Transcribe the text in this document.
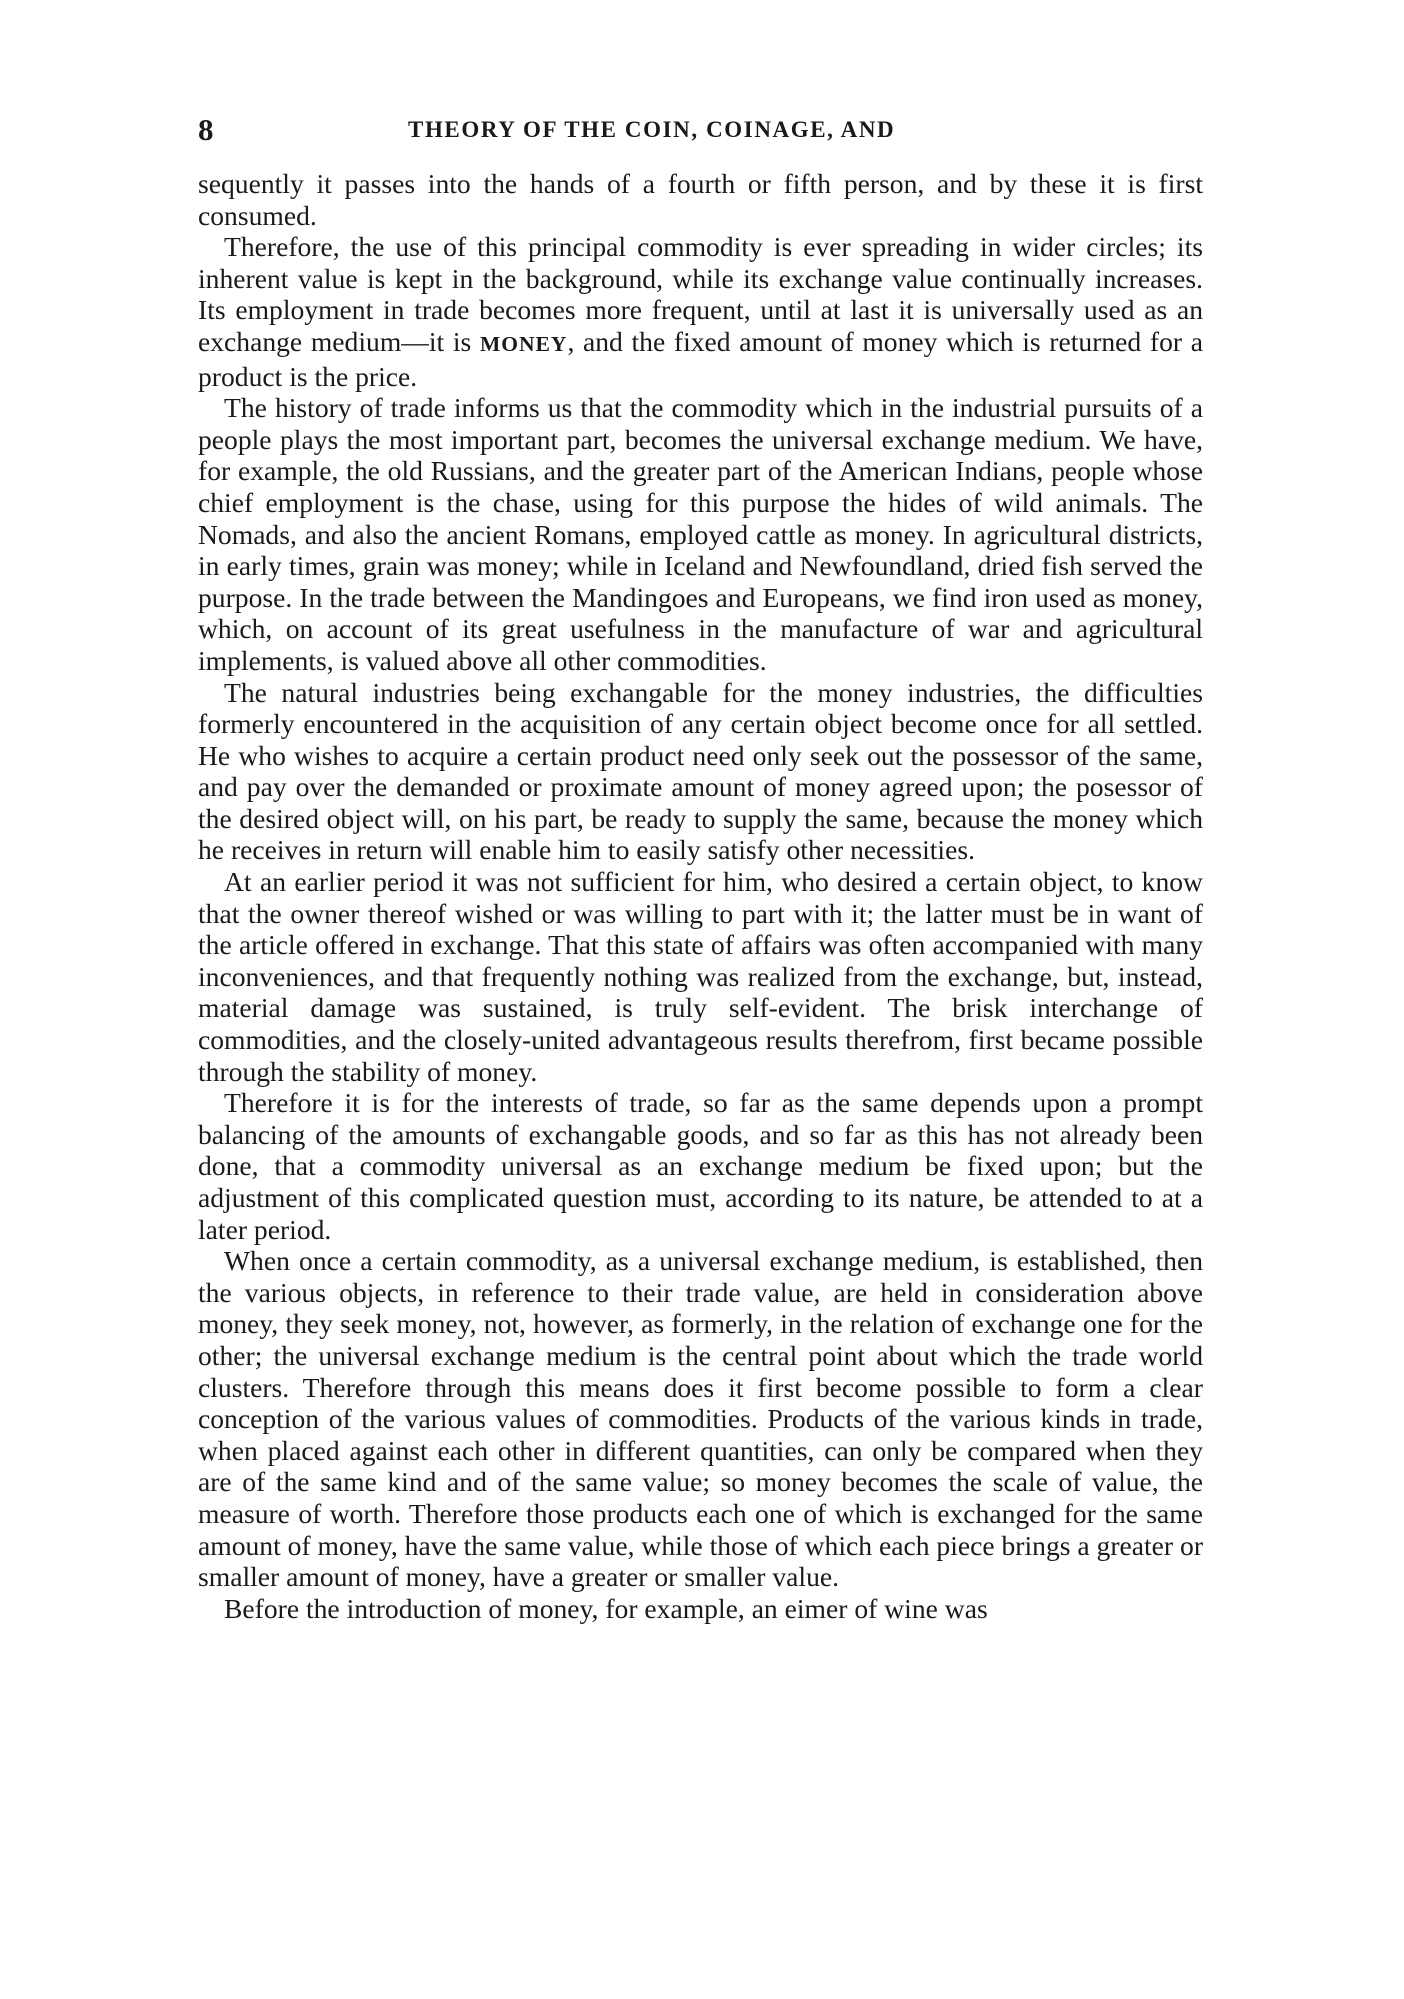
8	THEORY OF THE COIN, COINAGE, AND

sequently it passes into the hands of a fourth or fifth person, and by these it is first consumed.

Therefore, the use of this principal commodity is ever spreading in wider circles; its inherent value is kept in the background, while its exchange value continually increases. Its employment in trade becomes more frequent, until at last it is universally used as an exchange medium—it is MONEY, and the fixed amount of money which is returned for a product is the price.

The history of trade informs us that the commodity which in the industrial pursuits of a people plays the most important part, becomes the universal exchange medium. We have, for example, the old Russians, and the greater part of the American Indians, people whose chief employment is the chase, using for this purpose the hides of wild animals. The Nomads, and also the ancient Romans, employed cattle as money. In agricultural districts, in early times, grain was money; while in Iceland and Newfoundland, dried fish served the purpose. In the trade between the Mandingoes and Europeans, we find iron used as money, which, on account of its great usefulness in the manufacture of war and agricultural implements, is valued above all other commodities.

The natural industries being exchangable for the money industries, the difficulties formerly encountered in the acquisition of any certain object become once for all settled. He who wishes to acquire a certain product need only seek out the possessor of the same, and pay over the demanded or proximate amount of money agreed upon; the posessor of the desired object will, on his part, be ready to supply the same, because the money which he receives in return will enable him to easily satisfy other necessities.

At an earlier period it was not sufficient for him, who desired a certain object, to know that the owner thereof wished or was willing to part with it; the latter must be in want of the article offered in exchange. That this state of affairs was often accompanied with many inconveniences, and that frequently nothing was realized from the exchange, but, instead, material damage was sustained, is truly self-evident. The brisk interchange of commodities, and the closely-united advantageous results therefrom, first became possible through the stability of money.

Therefore it is for the interests of trade, so far as the same depends upon a prompt balancing of the amounts of exchangable goods, and so far as this has not already been done, that a commodity universal as an exchange medium be fixed upon; but the adjustment of this complicated question must, according to its nature, be attended to at a later period.

When once a certain commodity, as a universal exchange medium, is established, then the various objects, in reference to their trade value, are held in consideration above money, they seek money, not, however, as formerly, in the relation of exchange one for the other; the universal exchange medium is the central point about which the trade world clusters. Therefore through this means does it first become possible to form a clear conception of the various values of commodities. Products of the various kinds in trade, when placed against each other in different quantities, can only be compared when they are of the same kind and of the same value; so money becomes the scale of value, the measure of worth. Therefore those products each one of which is exchanged for the same amount of money, have the same value, while those of which each piece brings a greater or smaller amount of money, have a greater or smaller value.

Before the introduction of money, for example, an eimer of wine was
